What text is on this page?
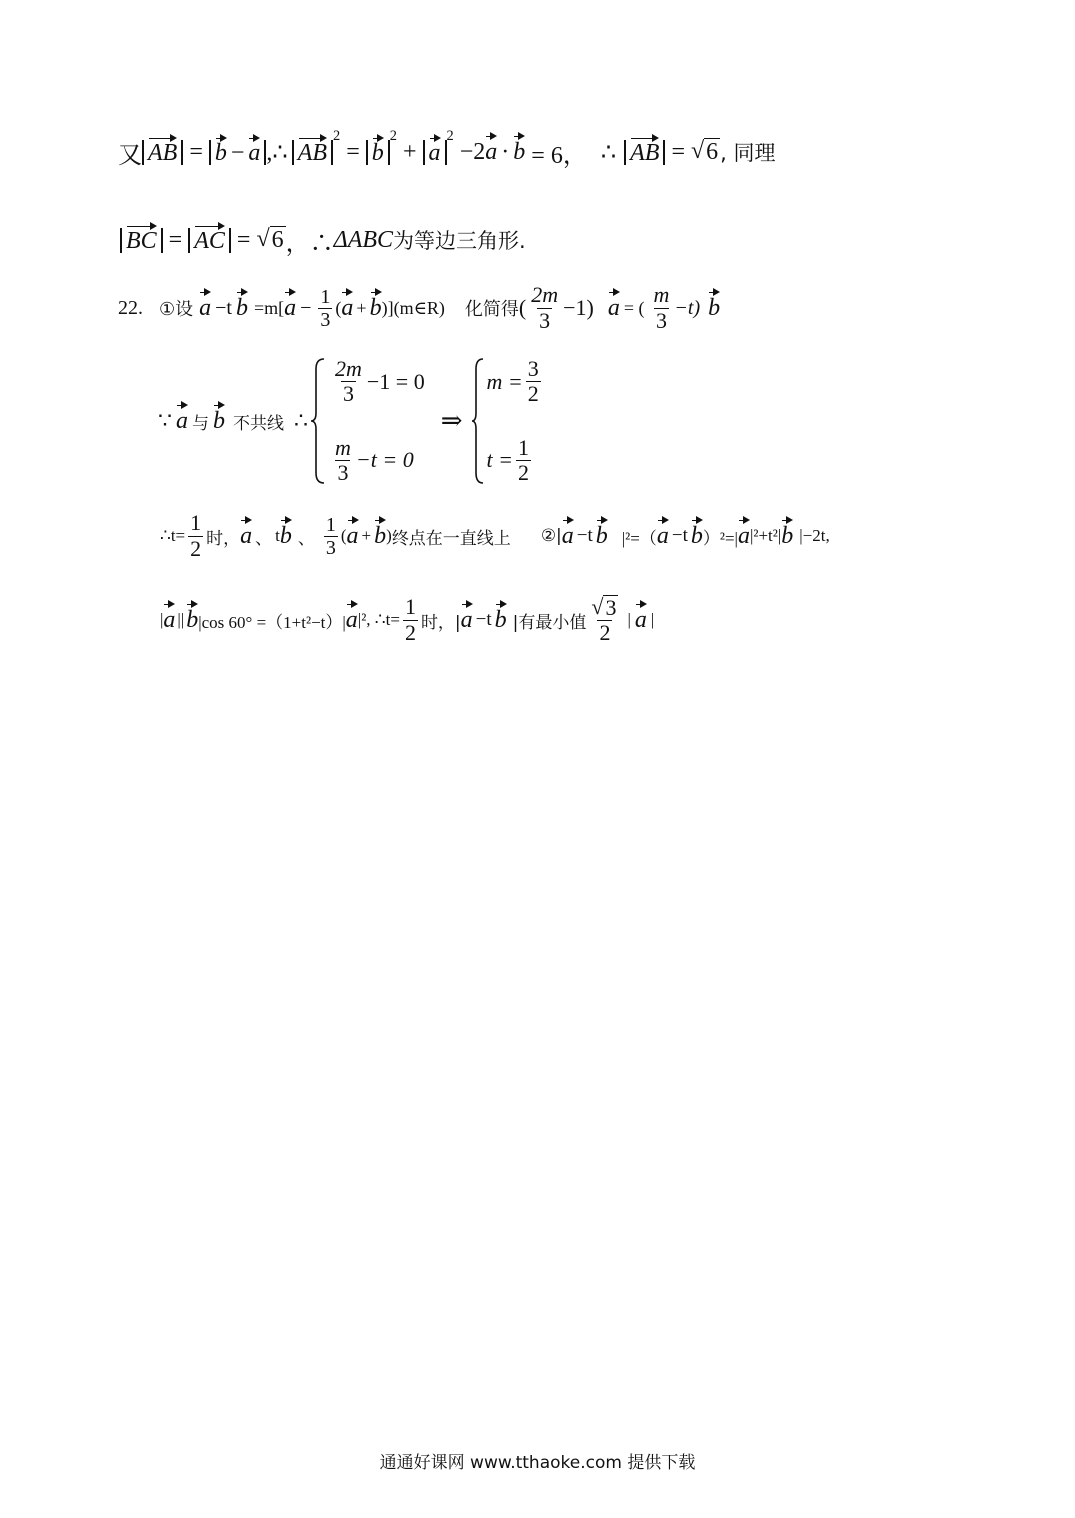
又 AB = b − a ,∴ AB
$^2$
= b
$^2$
+ a
$^2$
−2 a · b = 6， ∴ AB = √ 6 , 同理
BC = AC = √ 6 ，∴ ΔABC 为等边三角形.
22. ①设 a −t b =m[ $a - \frac{1}{3}$ ( a + b ) ](m∈R) 化简得 ( $\frac{2m}{3} -1$) a = ( $\frac{m}{3} -t$) b
∵ a 与 b 不共线 ∴
$\frac{2m}{3} -1 = 0$
$\frac{m}{3} -t = 0$
⇒
$m = \frac{3}{2}$
$t = \frac{1}{2}$
∴t= $\frac{1}{2}$ 时， a 、 t b 、 $\frac{1}{3}$ ( a + b ) 终点在一直线上 ②| a −t b |²=（ a −t b ）²=| a |²+t²| b |−2t,
| a || b |cos 60° =（1+t²−t）| a |², ∴t= $\frac{1}{2}$ 时，| a −t b |有最小值 $\frac{√ 3}{2}$ | a |
通通好课网 www.tthaoke.com 提供下载
